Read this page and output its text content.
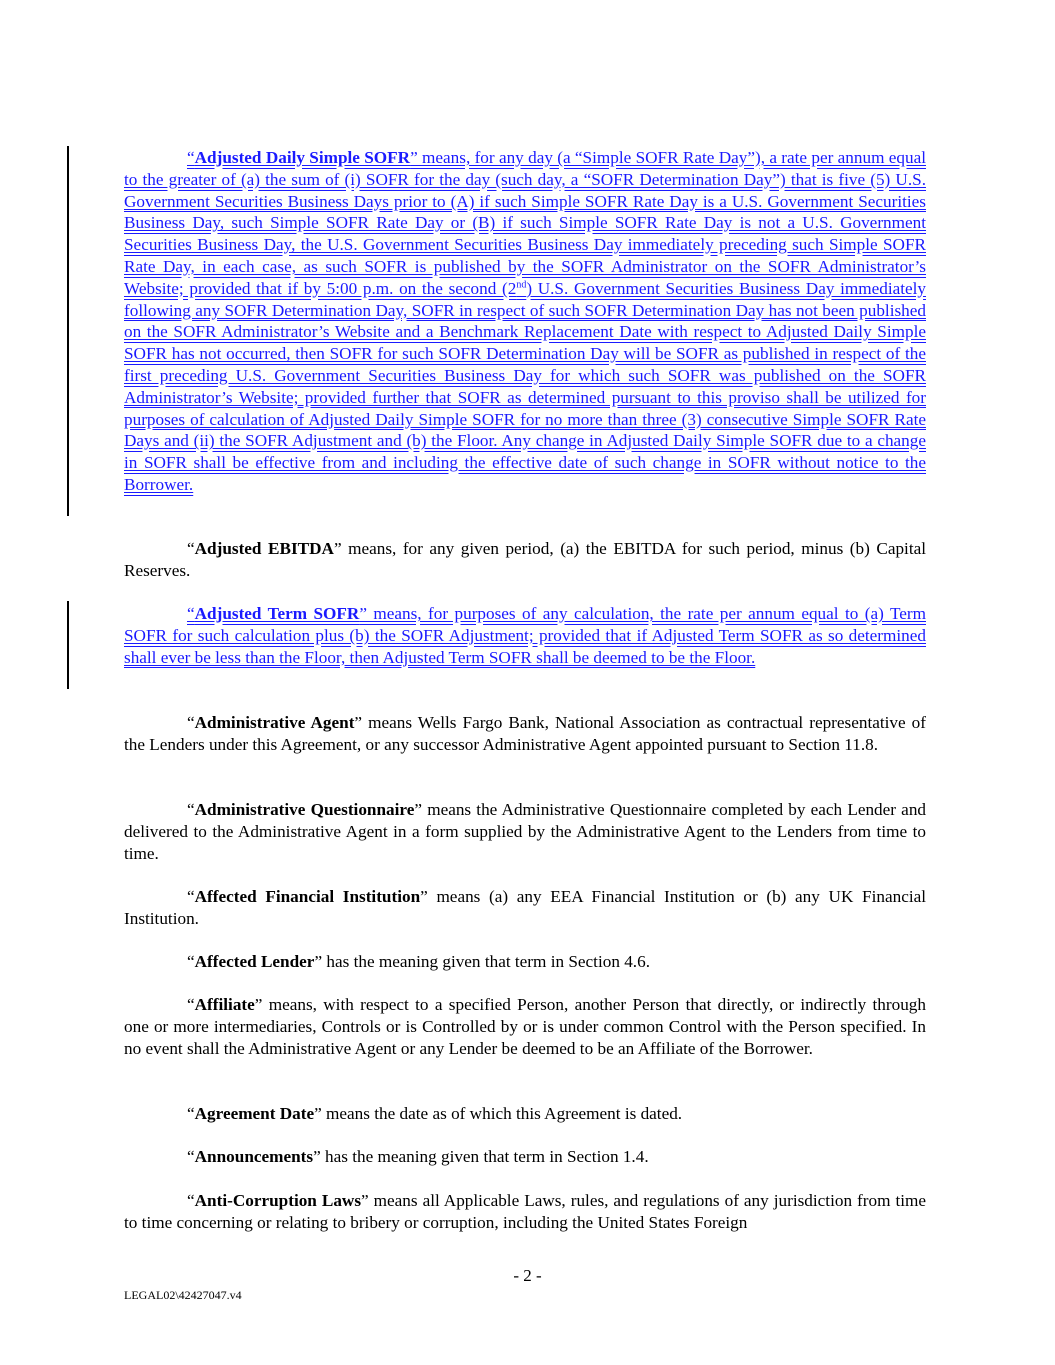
“Adjusted Daily Simple SOFR” means, for any day (a “Simple SOFR Rate Day”), a rate per annum equal to the greater of (a) the sum of (i) SOFR for the day (such day, a “SOFR Determination Day”) that is five (5) U.S. Government Securities Business Days prior to (A) if such Simple SOFR Rate Day is a U.S. Government Securities Business Day, such Simple SOFR Rate Day or (B) if such Simple SOFR Rate Day is not a U.S. Government Securities Business Day, the U.S. Government Securities Business Day immediately preceding such Simple SOFR Rate Day, in each case, as such SOFR is published by the SOFR Administrator on the SOFR Administrator’s Website; provided that if by 5:00 p.m. on the second (2nd) U.S. Government Securities Business Day immediately following any SOFR Determination Day, SOFR in respect of such SOFR Determination Day has not been published on the SOFR Administrator’s Website and a Benchmark Replacement Date with respect to Adjusted Daily Simple SOFR has not occurred, then SOFR for such SOFR Determination Day will be SOFR as published in respect of the first preceding U.S. Government Securities Business Day for which such SOFR was published on the SOFR Administrator’s Website; provided further that SOFR as determined pursuant to this proviso shall be utilized for purposes of calculation of Adjusted Daily Simple SOFR for no more than three (3) consecutive Simple SOFR Rate Days and (ii) the SOFR Adjustment and (b) the Floor. Any change in Adjusted Daily Simple SOFR due to a change in SOFR shall be effective from and including the effective date of such change in SOFR without notice to the Borrower.

“Adjusted EBITDA” means, for any given period, (a) the EBITDA for such period, minus (b) Capital Reserves.

“Adjusted Term SOFR” means, for purposes of any calculation, the rate per annum equal to (a) Term SOFR for such calculation plus (b) the SOFR Adjustment; provided that if Adjusted Term SOFR as so determined shall ever be less than the Floor, then Adjusted Term SOFR shall be deemed to be the Floor.

“Administrative Agent” means Wells Fargo Bank, National Association as contractual representative of the Lenders under this Agreement, or any successor Administrative Agent appointed pursuant to Section 11.8.

“Administrative Questionnaire” means the Administrative Questionnaire completed by each Lender and delivered to the Administrative Agent in a form supplied by the Administrative Agent to the Lenders from time to time.

“Affected Financial Institution” means (a) any EEA Financial Institution or (b) any UK Financial Institution.

“Affected Lender” has the meaning given that term in Section 4.6.

“Affiliate” means, with respect to a specified Person, another Person that directly, or indirectly through one or more intermediaries, Controls or is Controlled by or is under common Control with the Person specified. In no event shall the Administrative Agent or any Lender be deemed to be an Affiliate of the Borrower.

“Agreement Date” means the date as of which this Agreement is dated.

“Announcements” has the meaning given that term in Section 1.4.

“Anti-Corruption Laws” means all Applicable Laws, rules, and regulations of any jurisdiction from time to time concerning or relating to bribery or corruption, including the United States Foreign

- 2 -
LEGAL02\42427047.v4
